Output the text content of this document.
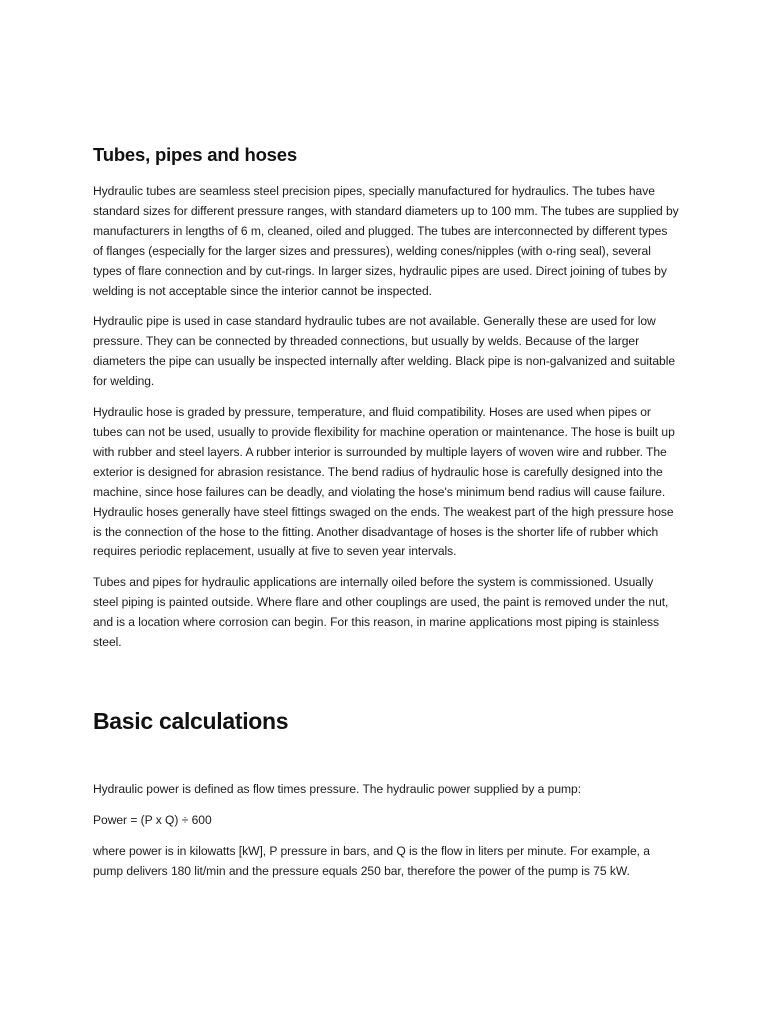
Tubes, pipes and hoses

Hydraulic tubes are seamless steel precision pipes, specially manufactured for hydraulics. The tubes have standard sizes for different pressure ranges, with standard diameters up to 100 mm. The tubes are supplied by manufacturers in lengths of 6 m, cleaned, oiled and plugged. The tubes are interconnected by different types of flanges (especially for the larger sizes and pressures), welding cones/nipples (with o-ring seal), several types of flare connection and by cut-rings. In larger sizes, hydraulic pipes are used. Direct joining of tubes by welding is not acceptable since the interior cannot be inspected.

Hydraulic pipe is used in case standard hydraulic tubes are not available. Generally these are used for low pressure. They can be connected by threaded connections, but usually by welds. Because of the larger diameters the pipe can usually be inspected internally after welding. Black pipe is non-galvanized and suitable for welding.

Hydraulic hose is graded by pressure, temperature, and fluid compatibility. Hoses are used when pipes or tubes can not be used, usually to provide flexibility for machine operation or maintenance. The hose is built up with rubber and steel layers. A rubber interior is surrounded by multiple layers of woven wire and rubber. The exterior is designed for abrasion resistance. The bend radius of hydraulic hose is carefully designed into the machine, since hose failures can be deadly, and violating the hose's minimum bend radius will cause failure. Hydraulic hoses generally have steel fittings swaged on the ends. The weakest part of the high pressure hose is the connection of the hose to the fitting. Another disadvantage of hoses is the shorter life of rubber which requires periodic replacement, usually at five to seven year intervals.

Tubes and pipes for hydraulic applications are internally oiled before the system is commissioned. Usually steel piping is painted outside. Where flare and other couplings are used, the paint is removed under the nut, and is a location where corrosion can begin. For this reason, in marine applications most piping is stainless steel.

Basic calculations

Hydraulic power is defined as flow times pressure. The hydraulic power supplied by a pump:

Power = (P x Q) ÷ 600

where power is in kilowatts [kW], P pressure in bars, and Q is the flow in liters per minute. For example, a pump delivers 180 lit/min and the pressure equals 250 bar, therefore the power of the pump is 75 kW.
